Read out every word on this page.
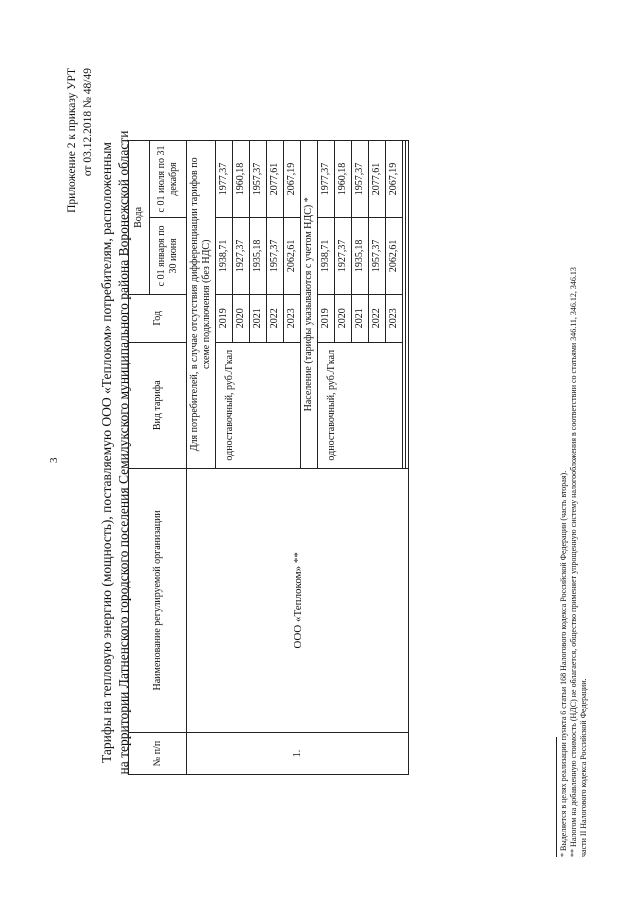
3
Приложение 2 к приказу УРТ от 03.12.2018 № 48/49
Тарифы на тепловую энергию (мощность), поставляемую ООО «Теплоком» потребителям, расположенным на территории Латненского городского поселения Семилукского муниципального района Воронежской области № п/п	Наименование регулируемой организации	Вид тарифа	Год	Вода	
				с 01 января по 30 июня	с 01 июля по 31 декабря
1.	ООО «Теплоком» **	Для потребителей, в случае отсутствия дифференциации тарифов по схеме подключения (без НДС)			
		одноставочный, руб./Гкал	2019	1938,71	1977,37
			2020	1927,37	1960,18
			2021	1935,18	1957,37
			2022	1957,37	2077,61
			2023	2062,61	2067,19
		Население (тарифы указываются с учетом НДС) *			
		одноставочный, руб./Гкал	2019	1938,71	1977,37
			2020	1927,37	1960,18
			2021	1935,18	1957,37
			2022	1957,37	2077,61
			2023	2062,61	2067,19

* Выделяется в целях реализации пункта 6 статьи 168 Налогового кодекса Российской Федерации (часть вторая). ** Налогом на добавленную стоимость (НДС) не облагается, общество применяет упрощенную систему налогообложения в соответствии со статьями 346.11, 346.12, 346.13 части II Налогового кодекса Российской Федерации.
